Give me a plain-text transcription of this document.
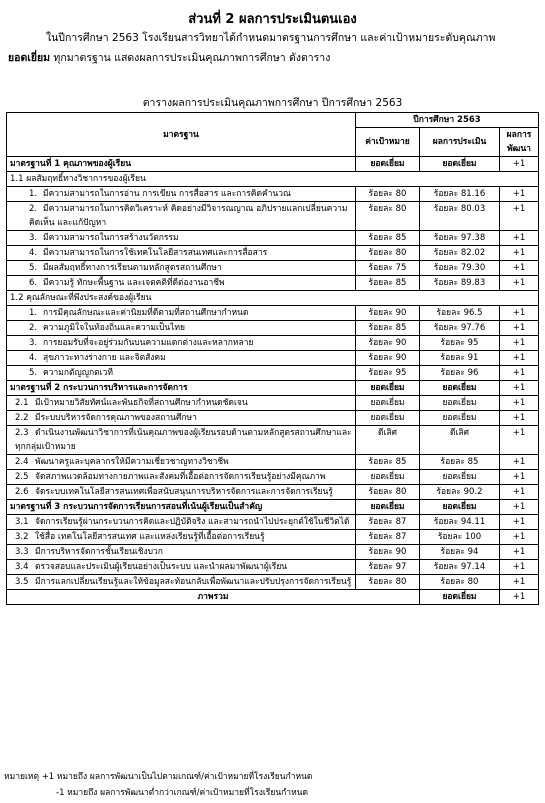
ส่วนที่ 2 ผลการประเมินตนเอง
ในปีการศึกษา 2563 โรงเรียนสารวิทยาได้กำหนดมาตรฐานการศึกษา และค่าเป้าหมายระดับคุณภาพ
ยอดเยี่ยม ทุกมาตรฐาน แสดงผลการประเมินคุณภาพการศึกษา ดังตาราง
ตารางผลการประเมินคุณภาพการศึกษา ปีการศึกษา 2563
มาตรฐาน	ปีการศึกษา 2563		
	ค่าเป้าหมาย	ผลการประเมิน	ผลการพัฒนา
มาตรฐานที่ 1 คุณภาพของผู้เรียน	ยอดเยี่ยม	ยอดเยี่ยม	+1
1.1 ผลสัมฤทธิ์ทางวิชาการของผู้เรียน			
1. มีความสามารถในการอ่าน การเขียน การสื่อสาร และการคิดคำนวณ	ร้อยละ 80	ร้อยละ 81.16	+1
2. มีความสามารถในการคิดวิเคราะห์ คิดอย่างมีวิจารณญาณ อภิปรายแลกเปลี่ยนความคิดเห็น และแก้ปัญหา	ร้อยละ 80	ร้อยละ 80.03	+1
3. มีความสามารถในการสร้างนวัตกรรม	ร้อยละ 85	ร้อยละ 97.38	+1
4. มีความสามารถในการใช้เทคโนโลยีสารสนเทศและการสื่อสาร	ร้อยละ 80	ร้อยละ 82.02	+1
5. มีผลสัมฤทธิ์ทางการเรียนตามหลักสูตรสถานศึกษา	ร้อยละ 75	ร้อยละ 79.30	+1
6. มีความรู้ ทักษะพื้นฐาน และเจตคติที่ดีต่องานอาชีพ	ร้อยละ 85	ร้อยละ 89.83	+1
1.2 คุณลักษณะที่พึงประสงค์ของผู้เรียน			
1. การมีคุณลักษณะและค่านิยมที่ดีตามที่สถานศึกษากำหนด	ร้อยละ 90	ร้อยละ 96.5	+1
2. ความภูมิใจในท้องถิ่นและความเป็นไทย	ร้อยละ 85	ร้อยละ 97.76	+1
3. การยอมรับที่จะอยู่ร่วมกันบนความแตกต่างและหลากหลาย	ร้อยละ 90	ร้อยละ 95	+1
4. สุขภาวะทางร่างกาย และจิตสังคม	ร้อยละ 90	ร้อยละ 91	+1
5. ความกตัญญูกตเวที	ร้อยละ 95	ร้อยละ 96	+1
มาตรฐานที่ 2 กระบวนการบริหารและการจัดการ	ยอดเยี่ยม	ยอดเยี่ยม	+1
2.1 มีเป้าหมายวิสัยทัศน์และพันธกิจที่สถานศึกษากำหนดชัดเจน	ยอดเยี่ยม	ยอดเยี่ยม	+1
2.2 มีระบบบริหารจัดการคุณภาพของสถานศึกษา	ยอดเยี่ยม	ยอดเยี่ยม	+1
2.3 ดำเนินงานพัฒนาวิชาการที่เน้นคุณภาพของผู้เรียนรอบด้านตามหลักสูตรสถานศึกษาและทุกกลุ่มเป้าหมาย	ดีเลิศ	ดีเลิศ	+1
2.4 พัฒนาครูและบุคลากรให้มีความเชี่ยวชาญทางวิชาชีพ	ร้อยละ 85	ร้อยละ 85	+1
2.5 จัดสภาพแวดล้อมทางกายภาพและสังคมที่เอื้อต่อการจัดการเรียนรู้อย่างมีคุณภาพ	ยอดเยี่ยม	ยอดเยี่ยม	+1
2.6 จัดระบบเทคโนโลยีสารสนเทศเพื่อสนับสนุนการบริหารจัดการและการจัดการเรียนรู้	ร้อยละ 80	ร้อยละ 90.2	+1
มาตรฐานที่ 3 กระบวนการจัดการเรียนการสอนที่เน้นผู้เรียนเป็นสำคัญ	ยอดเยี่ยม	ยอดเยี่ยม	+1
3.1 จัดการเรียนรู้ผ่านกระบวนการคิดและปฏิบัติจริง และสามารถนำไปประยุกต์ใช้ในชีวิตได้	ร้อยละ 87	ร้อยละ 94.11	+1
3.2 ใช้สื่อ เทคโนโลยีสารสนเทศ และแหล่งเรียนรู้ที่เอื้อต่อการเรียนรู้	ร้อยละ 87	ร้อยละ 100	+1
3.3 มีการบริหารจัดการชั้นเรียนเชิงบวก	ร้อยละ 90	ร้อยละ 94	+1
3.4 ตรวจสอบและประเมินผู้เรียนอย่างเป็นระบบ และนำผลมาพัฒนาผู้เรียน	ร้อยละ 97	ร้อยละ 97.14	+1
3.5 มีการแลกเปลี่ยนเรียนรู้และให้ข้อมูลสะท้อนกลับเพื่อพัฒนาและปรับปรุงการจัดการเรียนรู้	ร้อยละ 80	ร้อยละ 80	+1
ภาพรวม		ยอดเยี่ยม	+1
หมายเหตุ +1 หมายถึง ผลการพัฒนาเป็นไปตามเกณฑ์/ค่าเป้าหมายที่โรงเรียนกำหนด
-1 หมายถึง ผลการพัฒนาต่ำกว่าเกณฑ์/ค่าเป้าหมายที่โรงเรียนกำหนด
